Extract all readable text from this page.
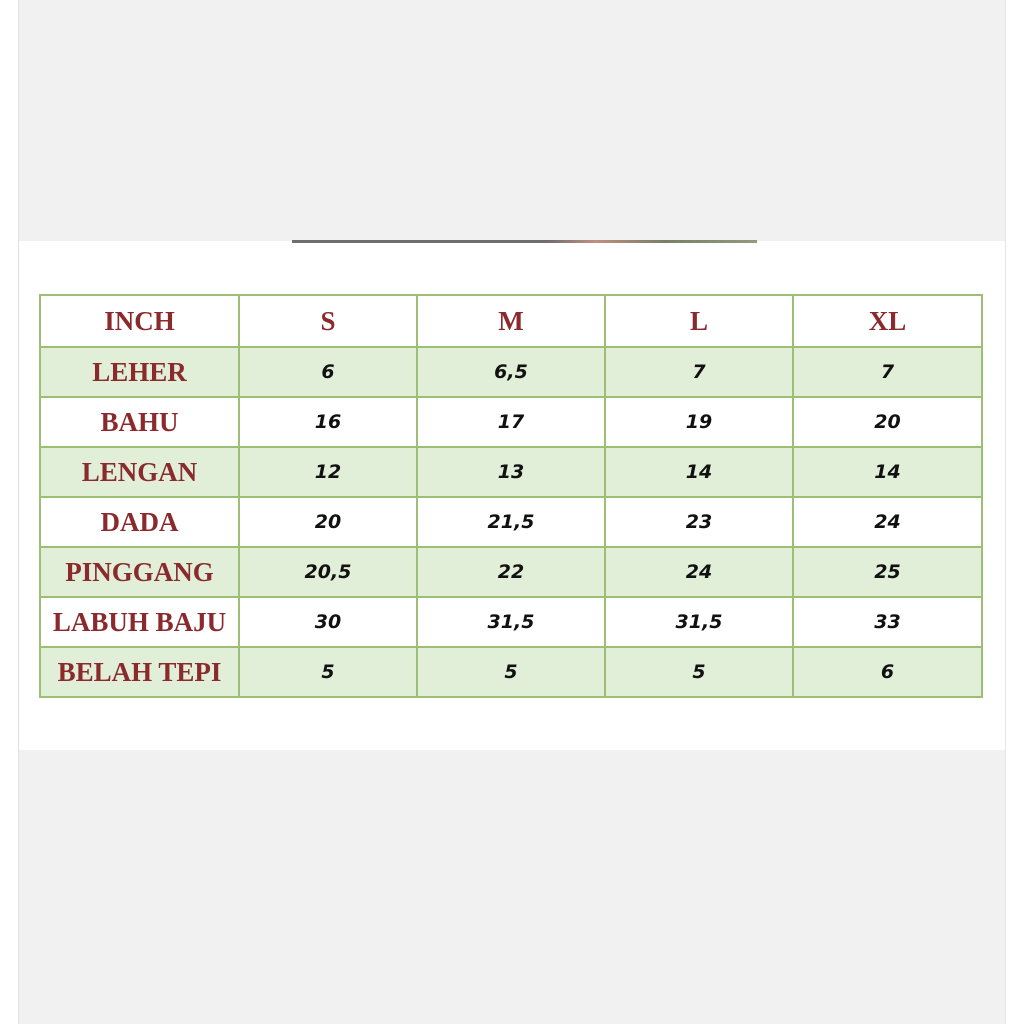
INCH	S	M	L	XL
LEHER	6	6,5	7	7
BAHU	16	17	19	20
LENGAN	12	13	14	14
DADA	20	21,5	23	24
PINGGANG	20,5	22	24	25
LABUH BAJU	30	31,5	31,5	33
BELAH TEPI	5	5	5	6
